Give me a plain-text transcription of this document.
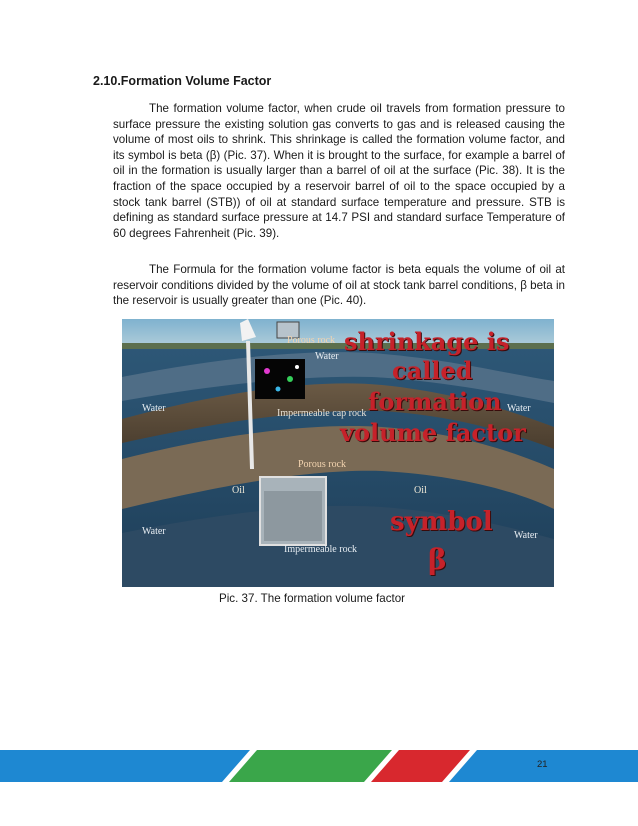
2.10.Formation Volume Factor

The formation volume factor, when crude oil travels from formation pressure to surface pressure the existing solution gas converts to gas and is released causing the volume of most oils to shrink. This shrinkage is called the formation volume factor, and its symbol is beta (β) (Pic. 37). When it is brought to the surface, for example a barrel of oil in the formation is usually larger than a barrel of oil at the surface (Pic. 38). It is the fraction of the space occupied by a reservoir barrel of oil to the space occupied by a stock tank barrel (STB)) of oil at standard surface temperature and pressure. STB is defining as standard surface pressure at 14.7 PSI and standard surface Temperature of 60 degrees Fahrenheit (Pic. 39).

The Formula for the formation volume factor is beta equals the volume of oil at reservoir conditions divided by the volume of oil at stock tank barrel conditions, β beta in the reservoir is usually greater than one (Pic. 40).

Porous rock
Water
Water	Water
Impermeable cap rock
Porous rock
Oil	Oil
Water	Water
Impermeable rock
shrinkage is
called
formation
volume factor
symbol
β

Pic. 37. The formation volume factor

21
